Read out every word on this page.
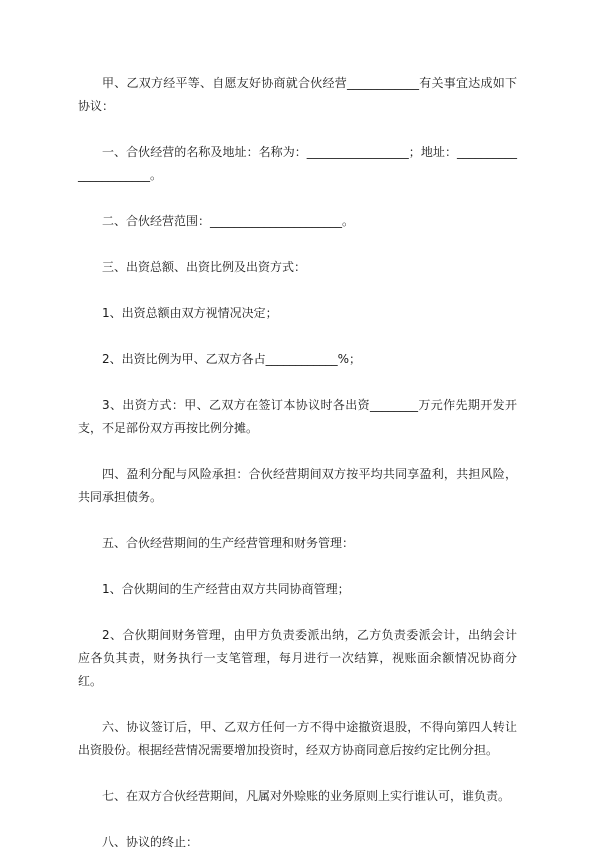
甲、乙双方经平等、自愿友好协商就合伙经营____________有关事宜达成如下协议：

一、合伙经营的名称及地址：名称为：_________________；地址：______________________。

二、合伙经营范围：______________________。

三、出资总额、出资比例及出资方式：

1、出资总额由双方视情况决定；

2、出资比例为甲、乙双方各占____________%；

3、出资方式：甲、乙双方在签订本协议时各出资________万元作先期开发开支，不足部份双方再按比例分摊。

四、盈利分配与风险承担：合伙经营期间双方按平均共同享盈利，共担风险，共同承担债务。

五、合伙经营期间的生产经营管理和财务管理：

1、合伙期间的生产经营由双方共同协商管理；

2、合伙期间财务管理，由甲方负责委派出纳，乙方负责委派会计，出纳会计应各负其责，财务执行一支笔管理，每月进行一次结算，视账面余额情况协商分红。

六、协议签订后，甲、乙双方任何一方不得中途撤资退股，不得向第四人转让出资股份。根据经营情况需要增加投资时，经双方协商同意后按约定比例分担。

七、在双方合伙经营期间，凡属对外赊账的业务原则上实行谁认可，谁负责。

八、协议的终止：
